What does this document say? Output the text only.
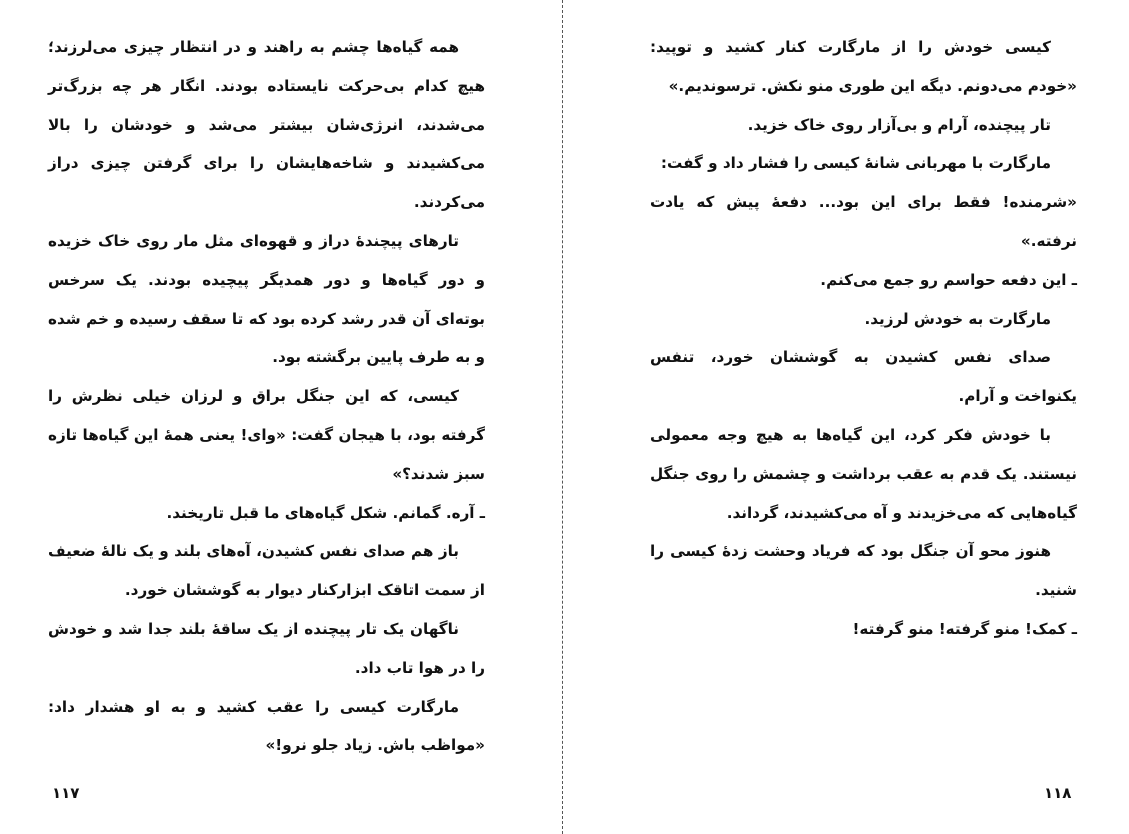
همه گیاه‌ها چشم به راهند و در انتظار چیزی می‌لرزند؛ هیچ کدام بی‌حرکت نایستاده بودند. انگار هر چه بزرگ‌تر می‌شدند، انرژی‌شان بیشتر می‌شد و خودشان را بالا می‌کشیدند و شاخه‌هایشان را برای گرفتن چیزی دراز می‌کردند.

تارهای پیچندهٔ دراز و قهوه‌ای مثل مار روی خاک خزیده و دور گیاه‌ها و دور همدیگر پیچیده بودند. یک سرخس بوته‌ای آن قدر رشد کرده بود که تا سقف رسیده و خم شده و به طرف پایین برگشته بود.

کیسی، که این جنگل براق و لرزان خیلی نظرش را گرفته بود، با هیجان گفت: «وای! یعنی همهٔ این گیاه‌ها تازه سبز شدند؟»

ـ آره. گمانم. شکل گیاه‌های ما قبل تاریخند.

باز هم صدای نفس کشیدن، آه‌های بلند و یک نالهٔ ضعیف از سمت اتاقک ابزارکنار دیوار به گوششان خورد.

ناگهان یک تار پیچنده از یک ساقهٔ بلند جدا شد و خودش را در هوا تاب داد.

مارگارت کیسی را عقب کشید و به او هشدار داد: «مواظب باش. زیاد جلو نرو!»

۱۱۷

کیسی خودش را از مارگارت کنار کشید و توپید: «خودم می‌دونم. دیگه این طوری منو نکش. ترسوندیم.»

تار پیچنده، آرام و بی‌آزار روی خاک خزید.

مارگارت با مهربانی شانهٔ کیسی را فشار داد و گفت:

«شرمنده! فقط برای این بود... دفعهٔ پیش که یادت نرفته.»

ـ این دفعه حواسم رو جمع می‌کنم.

مارگارت به خودش لرزید.

صدای نفس کشیدن به گوششان خورد، تنفس یکنواخت و آرام.

با خودش فکر کرد، این گیاه‌ها به هیچ وجه معمولی نیستند. یک قدم به عقب برداشت و چشمش را روی جنگل گیاه‌هایی که می‌خزیدند و آه می‌کشیدند، گرداند.

هنوز محو آن جنگل بود که فریاد وحشت زدهٔ کیسی را شنید.

ـ کمک! منو گرفته! منو گرفته!

۱۱۸
